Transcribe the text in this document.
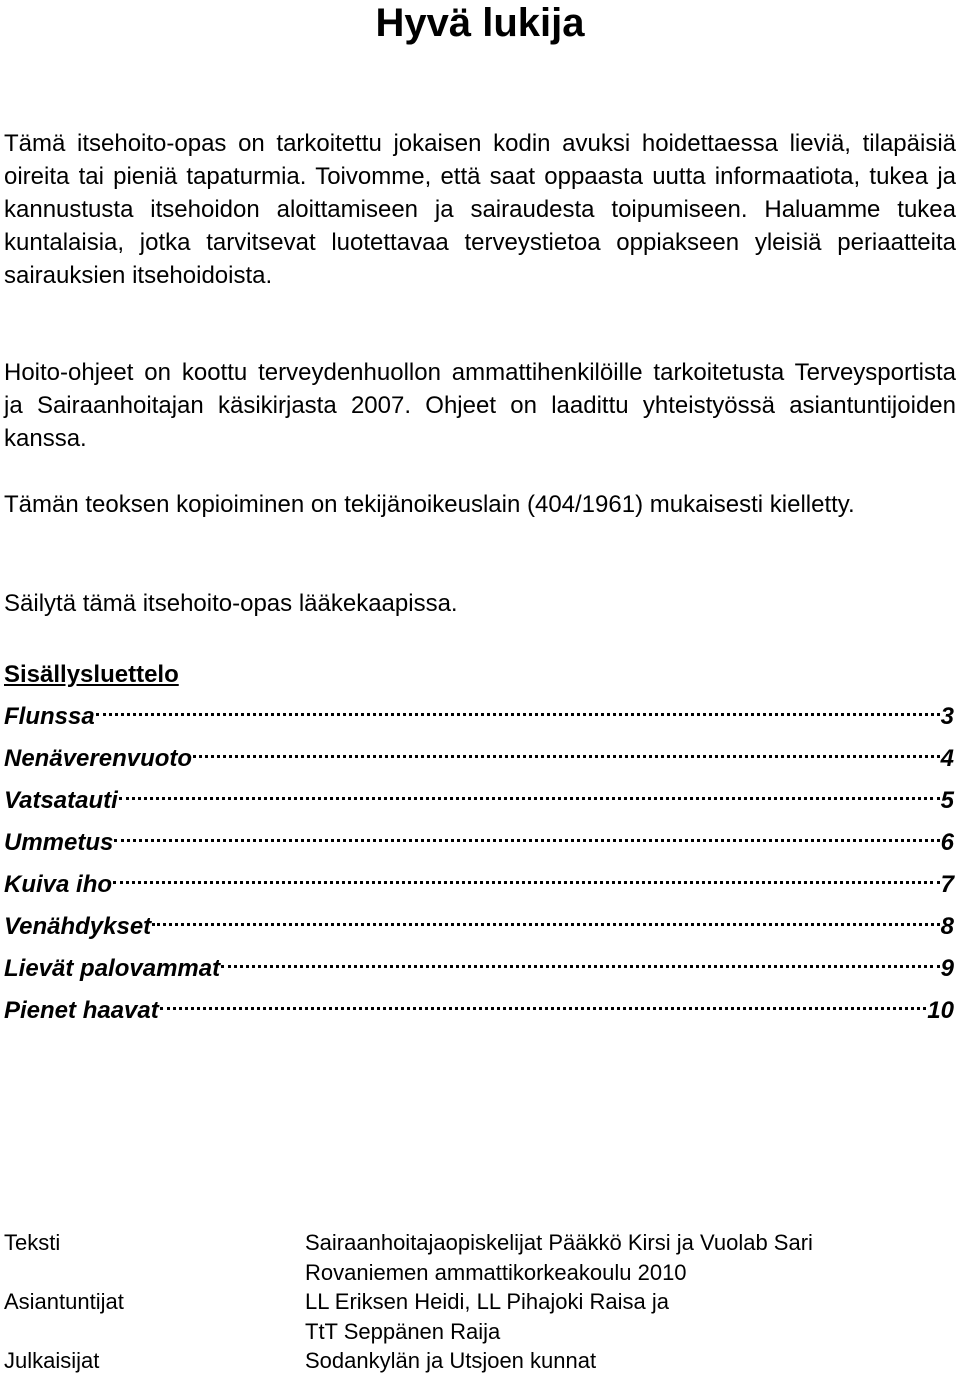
Hyvä lukija

Tämä itsehoito-opas on tarkoitettu jokaisen kodin avuksi hoidettaessa lieviä, tilapäisiä oireita tai pieniä tapaturmia. Toivomme, että saat oppaasta uutta informaatiota, tukea ja kannustusta itsehoidon aloittamiseen ja sairaudesta toipumiseen. Haluamme tukea kuntalaisia, jotka tarvitsevat luotettavaa terveystietoa oppiakseen yleisiä periaatteita sairauksien itsehoidoista.

Hoito-ohjeet on koottu terveydenhuollon ammattihenkilöille tarkoitetusta Terveysportista ja Sairaanhoitajan käsikirjasta 2007. Ohjeet on laadittu yhteistyössä asiantuntijoiden kanssa.

Tämän teoksen kopioiminen on tekijänoikeuslain (404/1961) mukaisesti kielletty.

Säilytä tämä itsehoito-opas lääkekaapissa.

Sisällysluettelo
Flunssa	3
Nenäverenvuoto	4
Vatsatauti	5
Ummetus	6
Kuiva iho	7
Venähdykset	8
Lievät palovammat	9
Pienet haavat	10
Teksti	Sairaanhoitajaopiskelijat Pääkkö Kirsi ja Vuolab Sari
Rovaniemen ammattikorkeakoulu 2010
Asiantuntijat	LL Eriksen Heidi, LL Pihajoki Raisa ja
TtT Seppänen Raija
Julkaisijat	Sodankylän ja Utsjoen kunnat
